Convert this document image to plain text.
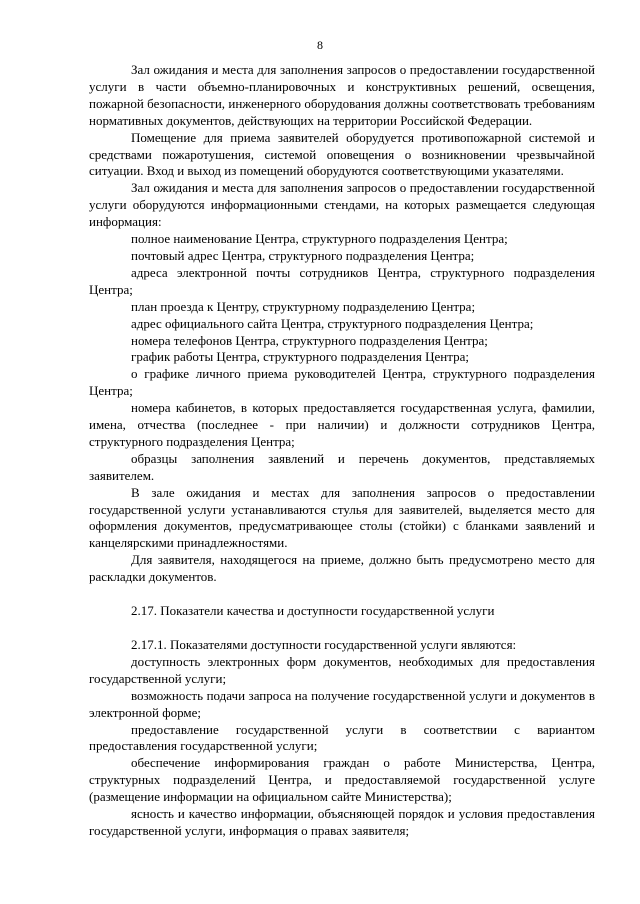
8

Зал ожидания и места для заполнения запросов о предоставлении государственной услуги в части объемно-планировочных и конструктивных решений, освещения, пожарной безопасности, инженерного оборудования должны соответствовать требованиям нормативных документов, действующих на территории Российской Федерации.

Помещение для приема заявителей оборудуется противопожарной системой и средствами пожаротушения, системой оповещения о возникновении чрезвычайной ситуации. Вход и выход из помещений оборудуются соответствующими указателями.

Зал ожидания и места для заполнения запросов о предоставлении государственной услуги оборудуются информационными стендами, на которых размещается следующая информация:

полное наименование Центра, структурного подразделения Центра;

почтовый адрес Центра, структурного подразделения Центра;

адреса электронной почты сотрудников Центра, структурного подразделения Центра;

план проезда к Центру, структурному подразделению Центра;

адрес официального сайта Центра, структурного подразделения Центра;

номера телефонов Центра, структурного подразделения Центра;

график работы Центра, структурного подразделения Центра;

о графике личного приема руководителей Центра, структурного подразделения Центра;

номера кабинетов, в которых предоставляется государственная услуга, фамилии, имена, отчества (последнее - при наличии) и должности сотрудников Центра, структурного подразделения Центра;

образцы заполнения заявлений и перечень документов, представляемых заявителем.

В зале ожидания и местах для заполнения запросов о предоставлении государственной услуги устанавливаются стулья для заявителей, выделяется место для оформления документов, предусматривающее столы (стойки) с бланками заявлений и канцелярскими принадлежностями.

Для заявителя, находящегося на приеме, должно быть предусмотрено место для раскладки документов.

2.17. Показатели качества и доступности государственной услуги

2.17.1. Показателями доступности государственной услуги являются:

доступность электронных форм документов, необходимых для предоставления государственной услуги;

возможность подачи запроса на получение государственной услуги и документов в электронной форме;

предоставление государственной услуги в соответствии с вариантом предоставления государственной услуги;

обеспечение информирования граждан о работе Министерства, Центра, структурных подразделений Центра, и предоставляемой государственной услуге (размещение информации на официальном сайте Министерства);

ясность и качество информации, объясняющей порядок и условия предоставления государственной услуги, информация о правах заявителя;
